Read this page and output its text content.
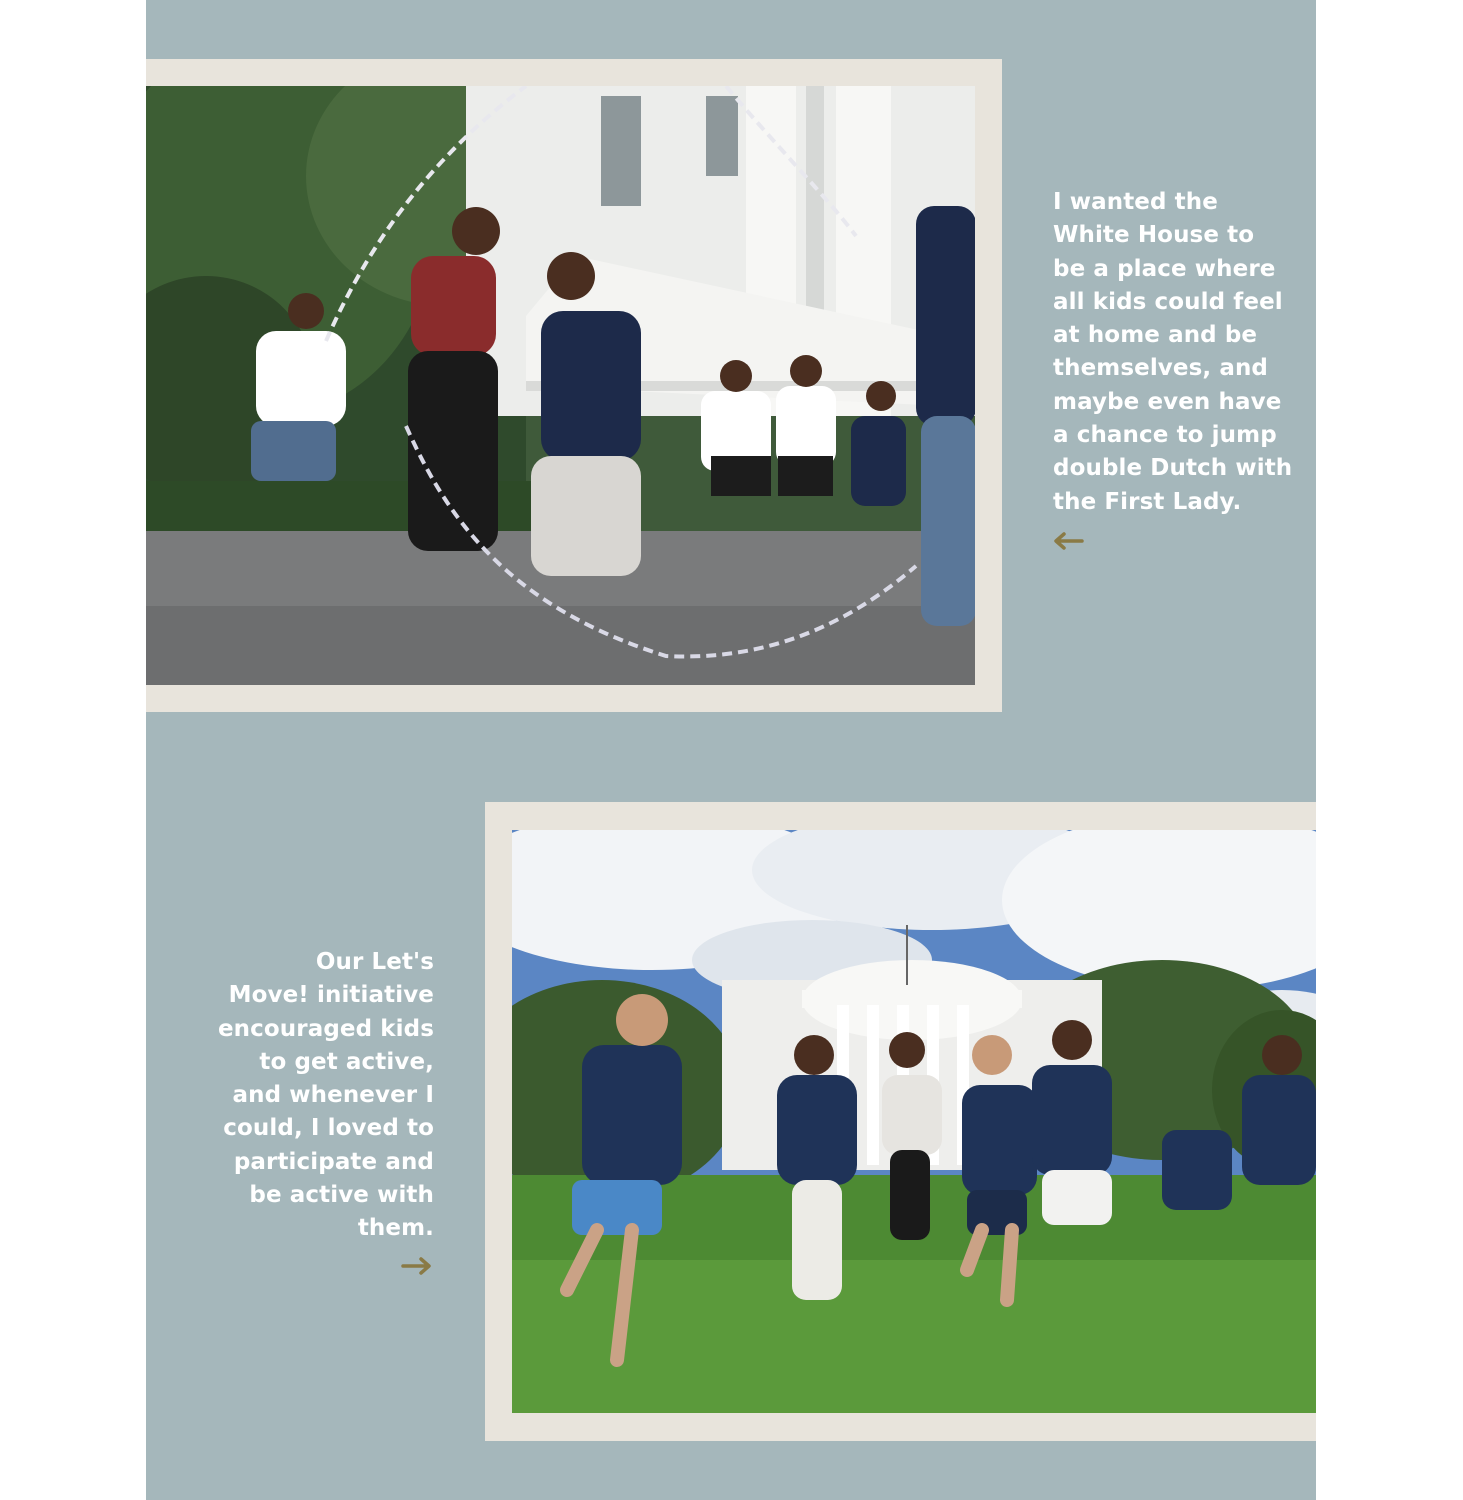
I wanted the
White House to
be a place where
all kids could feel
at home and be
themselves, and
maybe even have
a chance to jump
double Dutch with
the First Lady.
Our Let's
Move! initiative
encouraged kids
to get active,
and whenever I
could, I loved to
participate and
be active with
them.
